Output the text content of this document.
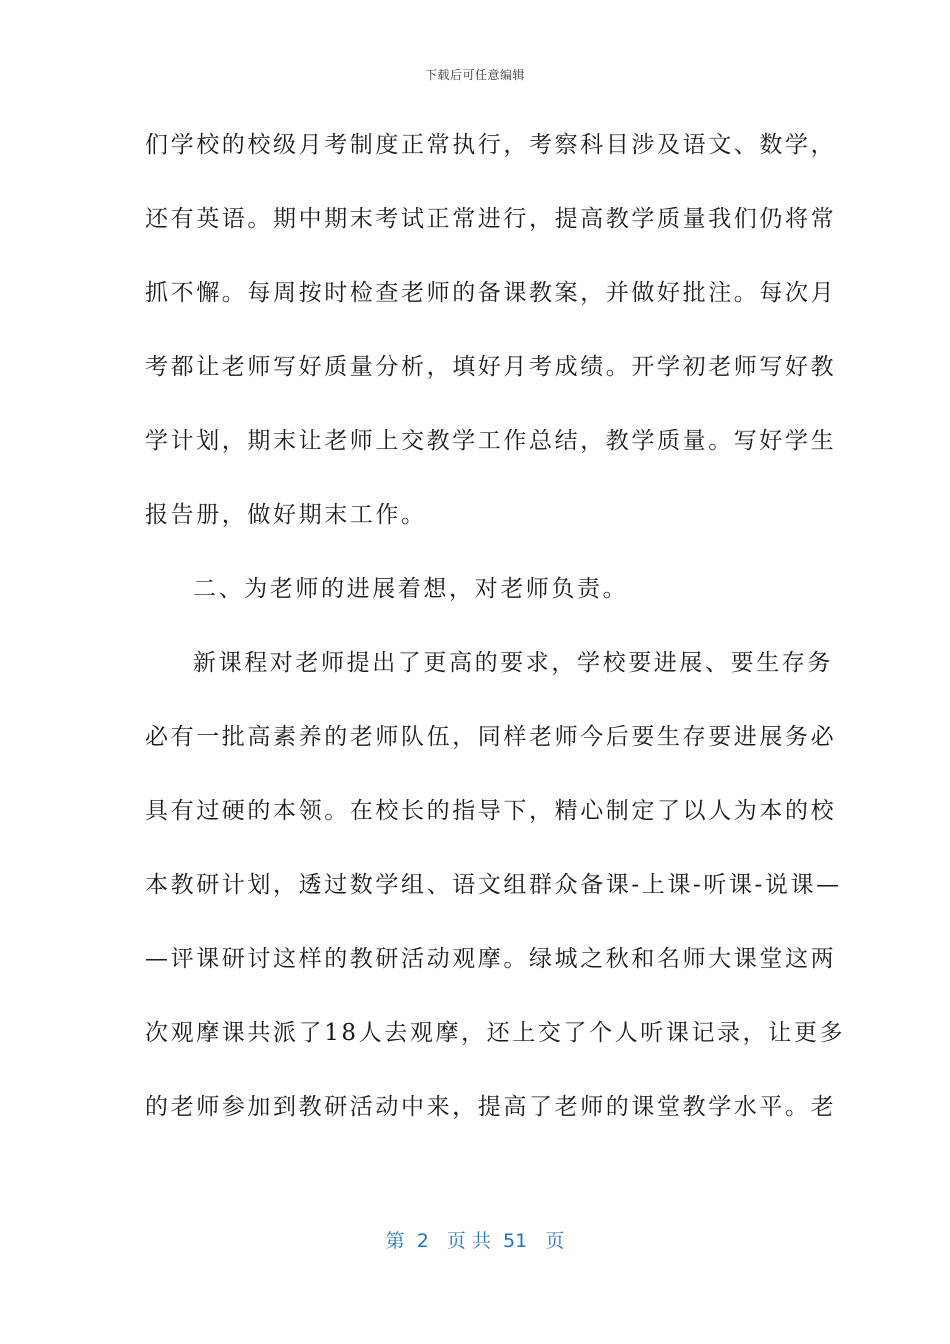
下载后可任意编辑
们学校的校级月考制度正常执行，考察科目涉及语文、数学，
还有英语。期中期末考试正常进行，提高教学质量我们仍将常
抓不懈。每周按时检查老师的备课教案，并做好批注。每次月
考都让老师写好质量分析，填好月考成绩。开学初老师写好教
学计划，期末让老师上交教学工作总结，教学质量。写好学生
报告册，做好期末工作。
二、为老师的进展着想，对老师负责。
新课程对老师提出了更高的要求，学校要进展、要生存务
必有一批高素养的老师队伍，同样老师今后要生存要进展务必
具有过硬的本领。在校长的指导下，精心制定了以人为本的校
本教研计划，透过数学组、语文组群众备课-上课-听课-说课—
—评课研讨这样的教研活动观摩。绿城之秋和名师大课堂这两
次观摩课共派了18人去观摩，还上交了个人听课记录，让更多
的老师参加到教研活动中来，提高了老师的课堂教学水平。老
第  2   页 共  51   页
